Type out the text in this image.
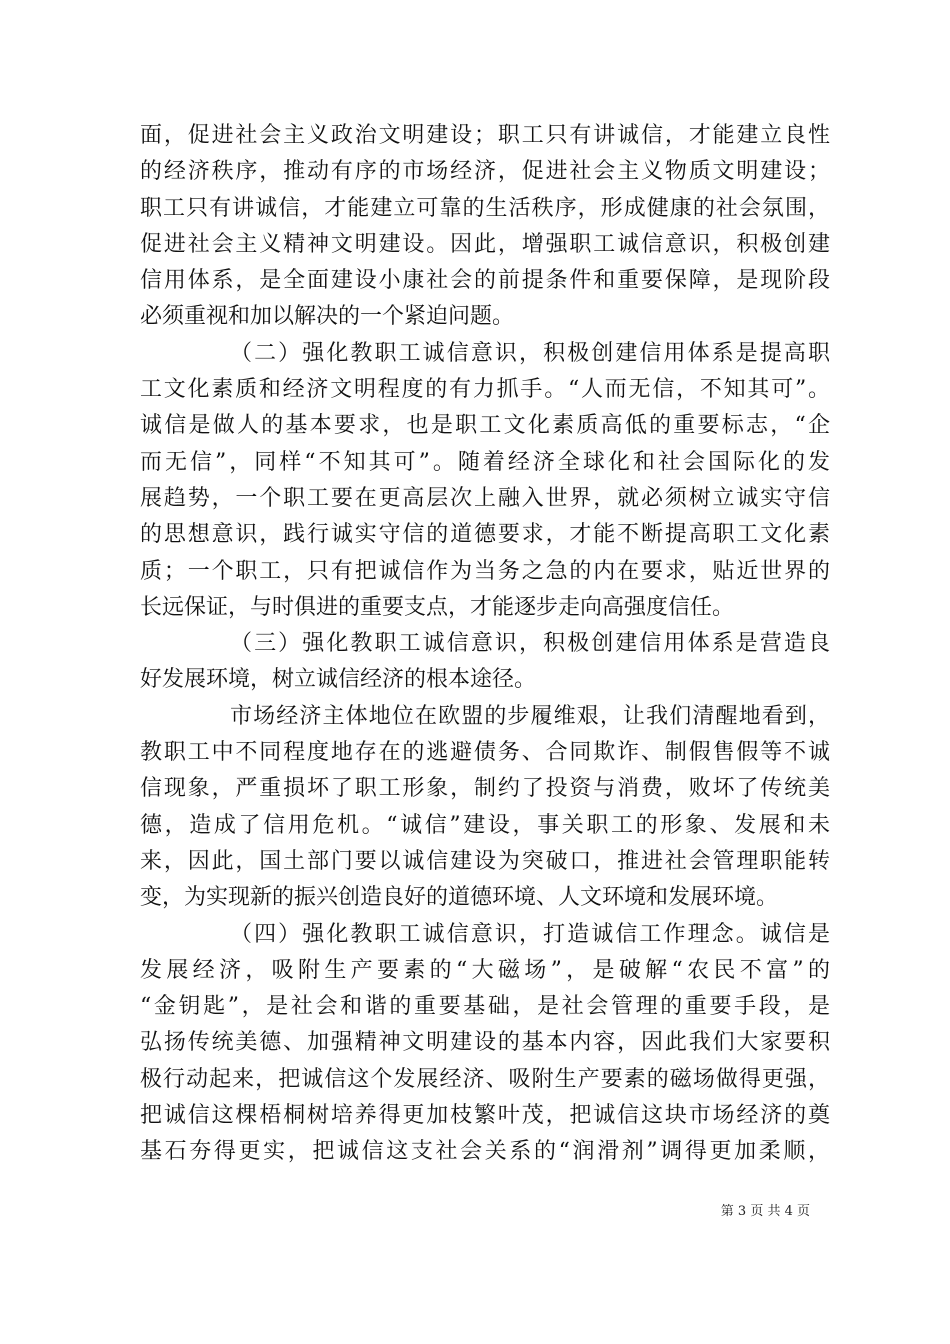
面，促进社会主义政治文明建设；职工只有讲诚信，才能建立良性
的经济秩序，推动有序的市场经济，促进社会主义物质文明建设；
职工只有讲诚信，才能建立可靠的生活秩序，形成健康的社会氛围，
促进社会主义精神文明建设。因此，增强职工诚信意识，积极创建
信用体系，是全面建设小康社会的前提条件和重要保障，是现阶段
必须重视和加以解决的一个紧迫问题。
（二）强化教职工诚信意识，积极创建信用体系是提高职
工文化素质和经济文明程度的有力抓手。“人而无信，不知其可”。
诚信是做人的基本要求，也是职工文化素质高低的重要标志，“企
而无信”，同样“不知其可”。随着经济全球化和社会国际化的发
展趋势，一个职工要在更高层次上融入世界，就必须树立诚实守信
的思想意识，践行诚实守信的道德要求，才能不断提高职工文化素
质；一个职工，只有把诚信作为当务之急的内在要求，贴近世界的
长远保证，与时俱进的重要支点，才能逐步走向高强度信任。
（三）强化教职工诚信意识，积极创建信用体系是营造良
好发展环境，树立诚信经济的根本途径。
市场经济主体地位在欧盟的步履维艰，让我们清醒地看到，
教职工中不同程度地存在的逃避债务、合同欺诈、制假售假等不诚
信现象，严重损坏了职工形象，制约了投资与消费，败坏了传统美
德，造成了信用危机。“诚信”建设，事关职工的形象、发展和未
来，因此，国土部门要以诚信建设为突破口，推进社会管理职能转
变，为实现新的振兴创造良好的道德环境、人文环境和发展环境。
（四）强化教职工诚信意识，打造诚信工作理念。诚信是
发展经济，吸附生产要素的“大磁场”，是破解“农民不富”的
“金钥匙”，是社会和谐的重要基础，是社会管理的重要手段，是
弘扬传统美德、加强精神文明建设的基本内容，因此我们大家要积
极行动起来，把诚信这个发展经济、吸附生产要素的磁场做得更强，
把诚信这棵梧桐树培养得更加枝繁叶茂，把诚信这块市场经济的奠
基石夯得更实，把诚信这支社会关系的“润滑剂”调得更加柔顺，
第 3 页 共 4 页
